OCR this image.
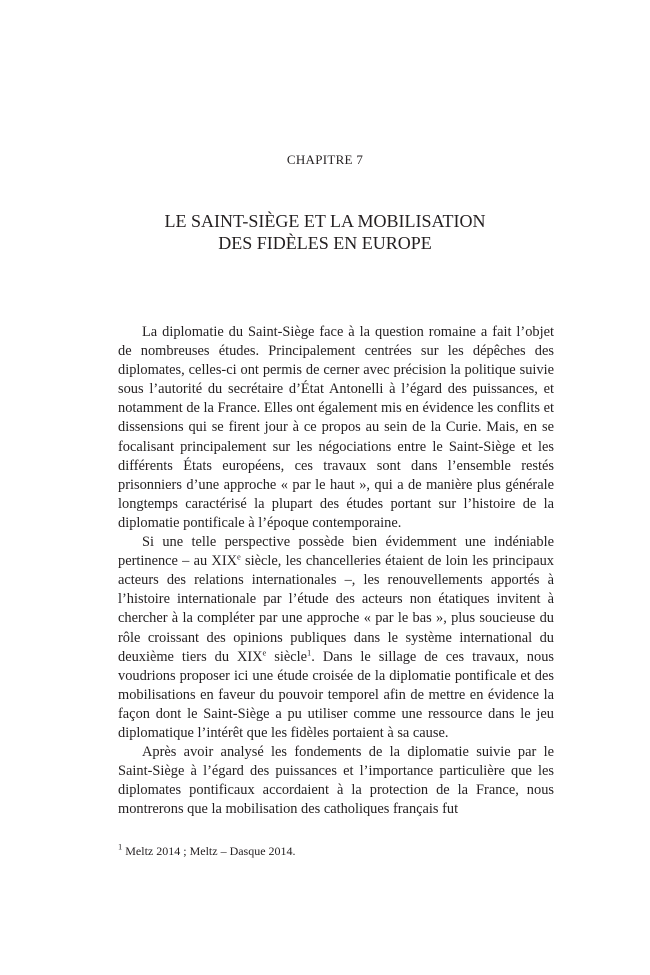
CHAPITRE 7
LE SAINT-SIÈGE ET LA MOBILISATION
DES FIDÈLES EN EUROPE

La diplomatie du Saint-Siège face à la question romaine a fait l’objet de nombreuses études. Principalement centrées sur les dépêches des diplomates, celles-ci ont permis de cerner avec précision la politique suivie sous l’autorité du secrétaire d’État Antonelli à l’égard des puissances, et notamment de la France. Elles ont également mis en évidence les conflits et dissensions qui se firent jour à ce propos au sein de la Curie. Mais, en se focalisant principalement sur les négociations entre le Saint-Siège et les différents États européens, ces travaux sont dans l’ensemble restés prisonniers d’une approche « par le haut », qui a de manière plus générale longtemps caractérisé la plupart des études portant sur l’histoire de la diplomatie pontificale à l’époque contemporaine.

Si une telle perspective possède bien évidemment une indéniable pertinence – au XIXe siècle, les chancelleries étaient de loin les principaux acteurs des relations internationales –, les renouvellements apportés à l’histoire internationale par l’étude des acteurs non étatiques invitent à chercher à la compléter par une approche « par le bas », plus soucieuse du rôle croissant des opinions publiques dans le système international du deuxième tiers du XIXe siècle$^1$. Dans le sillage de ces travaux, nous voudrions proposer ici une étude croisée de la diplomatie pontificale et des mobilisations en faveur du pouvoir temporel afin de mettre en évidence la façon dont le Saint-Siège a pu utiliser comme une ressource dans le jeu diplomatique l’intérêt que les fidèles portaient à sa cause.

Après avoir analysé les fondements de la diplomatie suivie par le Saint-Siège à l’égard des puissances et l’importance particulière que les diplomates pontificaux accordaient à la protection de la France, nous montrerons que la mobilisation des catholiques français fut

$^1$ Meltz 2014 ; Meltz – Dasque 2014.
